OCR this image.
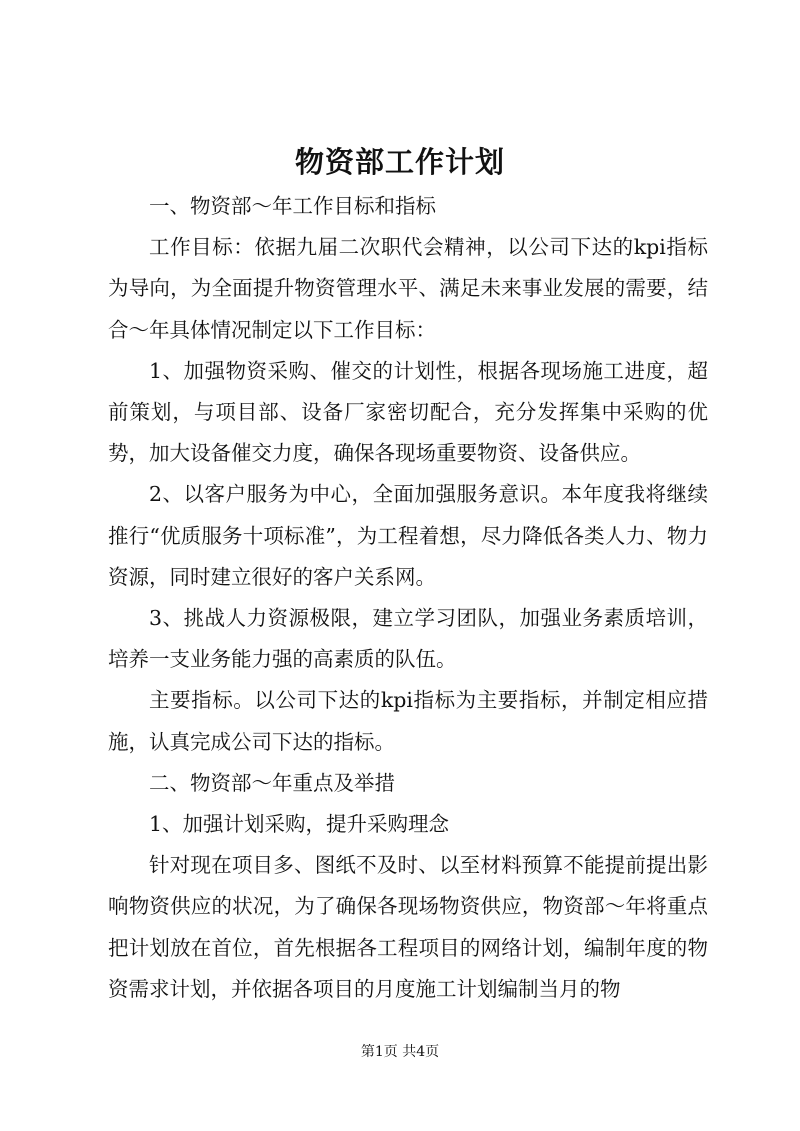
物资部工作计划

一、物资部～年工作目标和指标

工作目标：依据九届二次职代会精神，以公司下达的kpi指标为导向，为全面提升物资管理水平、满足未来事业发展的需要，结合～年具体情况制定以下工作目标：

1、加强物资采购、催交的计划性，根据各现场施工进度，超前策划，与项目部、设备厂家密切配合，充分发挥集中采购的优势，加大设备催交力度，确保各现场重要物资、设备供应。

2、以客户服务为中心，全面加强服务意识。本年度我将继续推行“优质服务十项标准”，为工程着想，尽力降低各类人力、物力资源，同时建立很好的客户关系网。

3、挑战人力资源极限，建立学习团队，加强业务素质培训，培养一支业务能力强的高素质的队伍。

主要指标。以公司下达的kpi指标为主要指标，并制定相应措施，认真完成公司下达的指标。

二、物资部～年重点及举措

1、加强计划采购，提升采购理念

针对现在项目多、图纸不及时、以至材料预算不能提前提出影响物资供应的状况，为了确保各现场物资供应，物资部～年将重点把计划放在首位，首先根据各工程项目的网络计划，编制年度的物资需求计划，并依据各项目的月度施工计划编制当月的物

第1页 共4页
